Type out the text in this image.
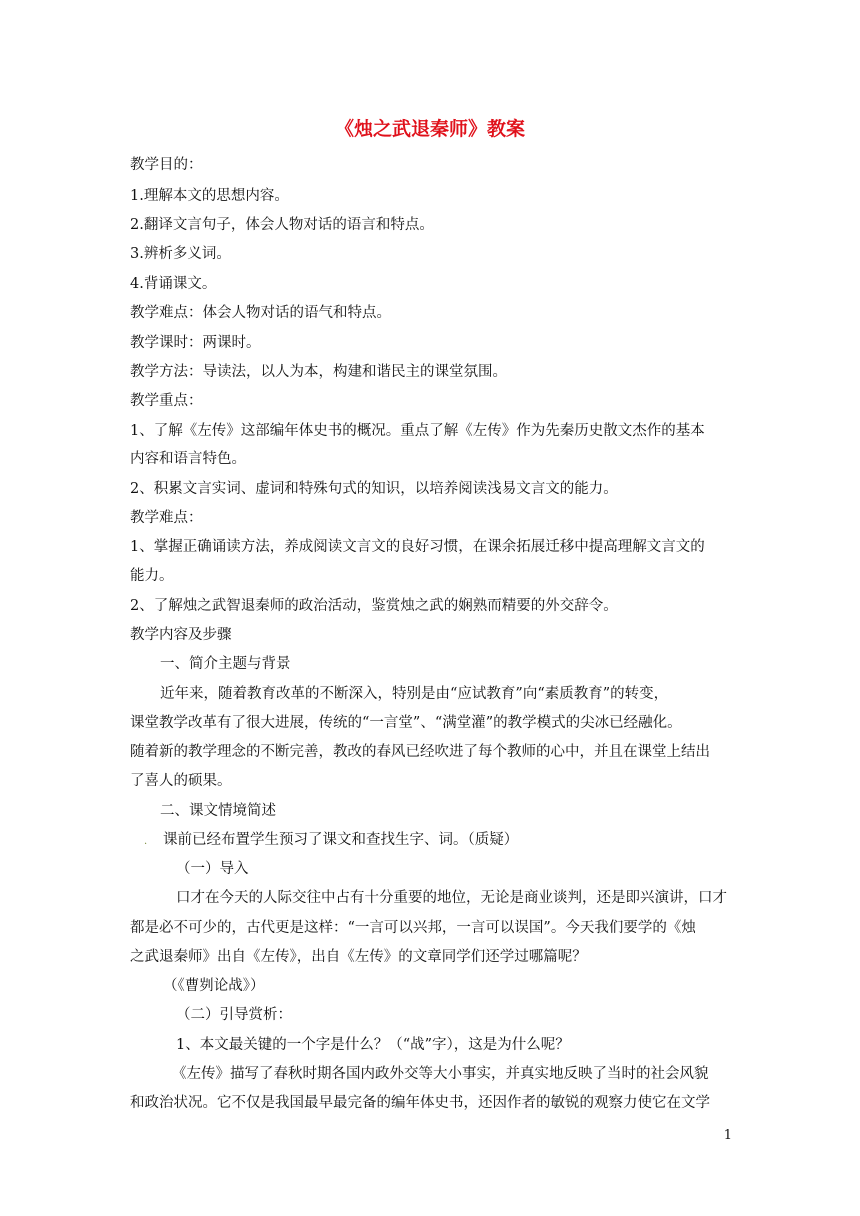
《烛之武退秦师》教案
教学目的：
1.理解本文的思想内容。
2.翻译文言句子，体会人物对话的语言和特点。
3.辨析多义词。
4.背诵课文。
教学难点：体会人物对话的语气和特点。
教学课时：两课时。
教学方法：导读法，以人为本，构建和谐民主的课堂氛围。
教学重点：
1、了解《左传》这部编年体史书的概况。重点了解《左传》作为先秦历史散文杰作的基本
内容和语言特色。
2、积累文言实词、虚词和特殊句式的知识，以培养阅读浅易文言文的能力。
教学难点：
1、掌握正确诵读方法，养成阅读文言文的良好习惯，在课余拓展迁移中提高理解文言文的
能力。
2、了解烛之武智退秦师的政治活动，鉴赏烛之武的娴熟而精要的外交辞令。
教学内容及步骤
一、简介主题与背景
近年来，随着教育改革的不断深入，特别是由“应试教育”向“素质教育”的转变，
课堂教学改革有了很大进展，传统的“一言堂”、“满堂灌”的教学模式的尖冰已经融化。
随着新的教学理念的不断完善，教改的春风已经吹进了每个教师的心中，并且在课堂上结出
了喜人的硕果。
二、课文情境简述
. 课前已经布置学生预习了课文和查找生字、词。（质疑）
（一）导入
口才在今天的人际交往中占有十分重要的地位，无论是商业谈判，还是即兴演讲，口才
都是必不可少的，古代更是这样：“一言可以兴邦，一言可以误国”。今天我们要学的《烛
之武退秦师》出自《左传》，出自《左传》的文章同学们还学过哪篇呢？
（《曹刿论战》）
（二）引导赏析：
1、本文最关键的一个字是什么？（“战”字），这是为什么呢？
《左传》描写了春秋时期各国内政外交等大小事实，并真实地反映了当时的社会风貌
和政治状况。它不仅是我国最早最完备的编年体史书，还因作者的敏锐的观察力使它在文学
1
